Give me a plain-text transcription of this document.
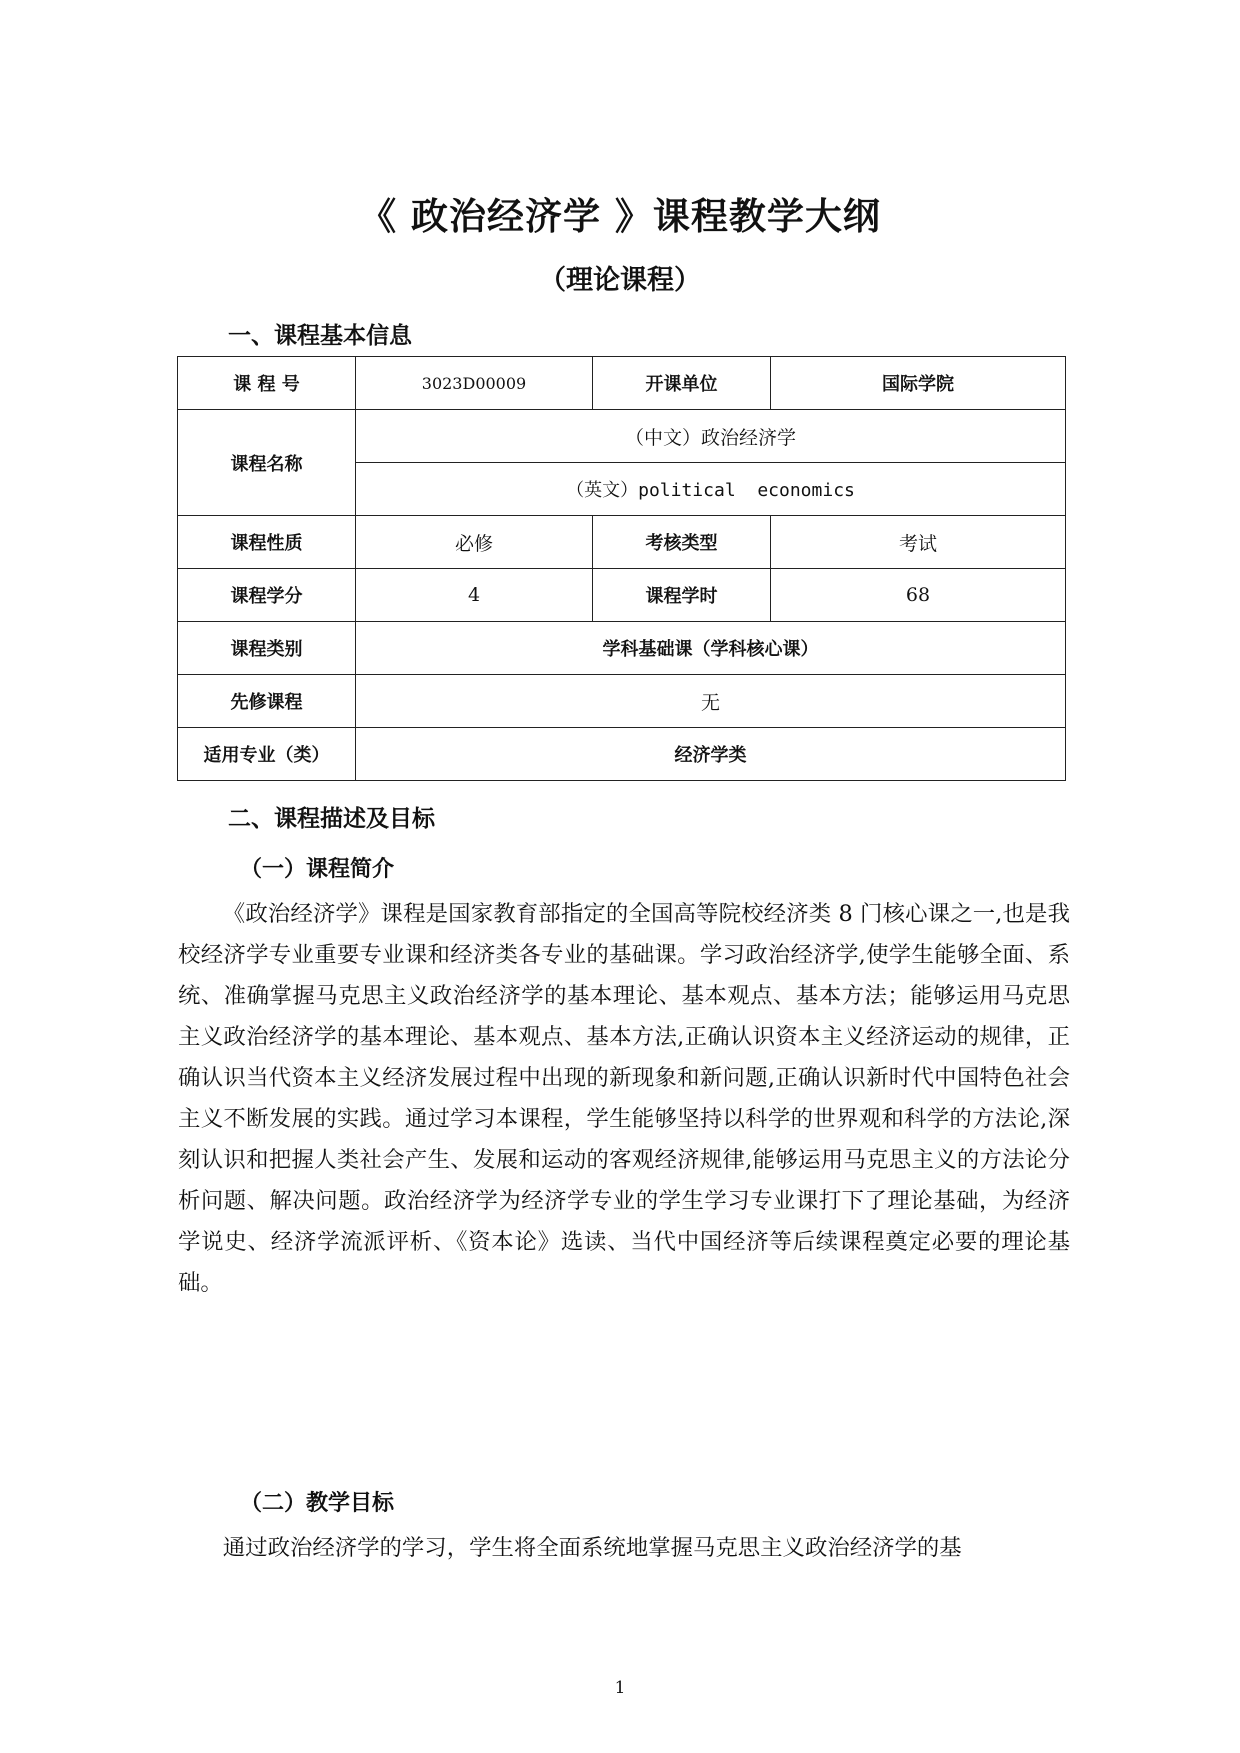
《 政治经济学 》课程教学大纲
（理论课程）
一、课程基本信息
课 程 号	3023D00009	开课单位	国际学院
课程名称	（中文）政治经济学		
	（英文）political  economics		
课程性质	必修	考核类型	考试
课程学分	4	课程学时	68
课程类别	学科基础课（学科核心课）		
先修课程	无		
适用专业（类）	经济学类		
二、课程描述及目标
（一）课程简介

《政治经济学》课程是国家教育部指定的全国高等院校经济类 8 门核心课之一,也是我校经济学专业重要专业课和经济类各专业的基础课。学习政治经济学,使学生能够全面、系统、准确掌握马克思主义政治经济学的基本理论、基本观点、基本方法；能够运用马克思主义政治经济学的基本理论、基本观点、基本方法,正确认识资本主义经济运动的规律，正确认识当代资本主义经济发展过程中出现的新现象和新问题,正确认识新时代中国特色社会主义不断发展的实践。通过学习本课程，学生能够坚持以科学的世界观和科学的方法论,深刻认识和把握人类社会产生、发展和运动的客观经济规律,能够运用马克思主义的方法论分析问题、解决问题。政治经济学为经济学专业的学生学习专业课打下了理论基础，为经济学说史、经济学流派评析、《资本论》选读、当代中国经济等后续课程奠定必要的理论基础。

（二）教学目标

通过政治经济学的学习，学生将全面系统地掌握马克思主义政治经济学的基

1
